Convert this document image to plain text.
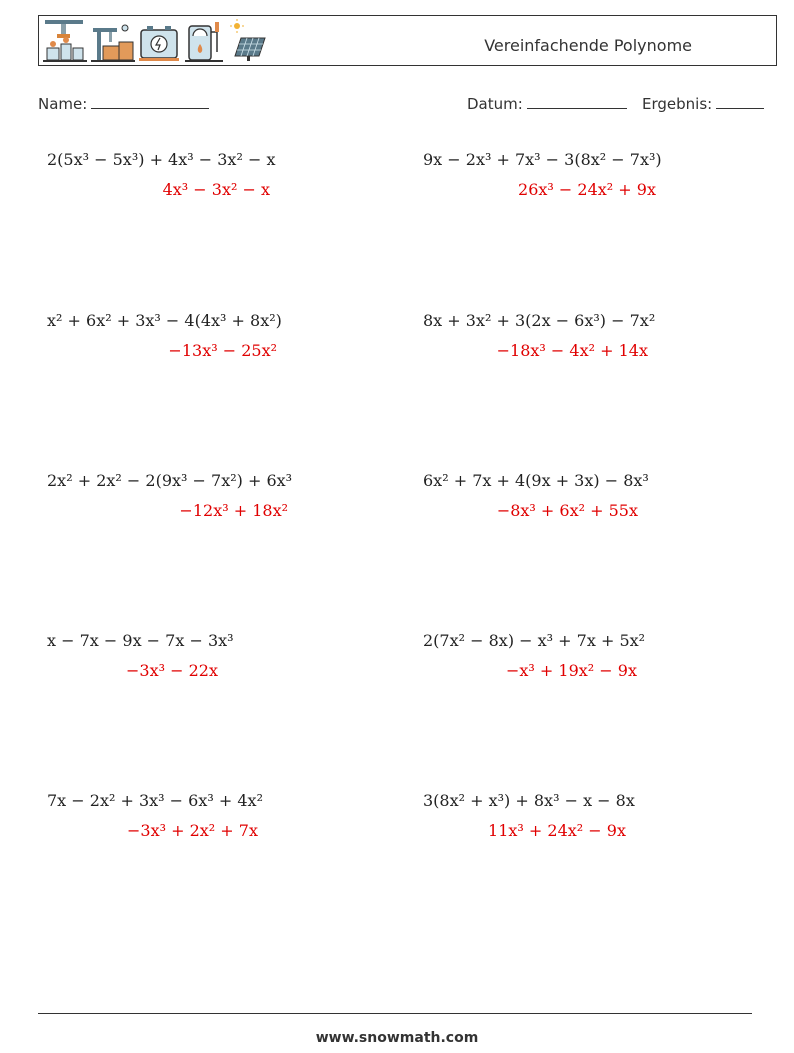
Vereinfachende Polynome
Name:	Datum:	Ergebnis:
2(5x³ − 5x³) + 4x³ − 3x² − x
4x³ − 3x² − x
x² + 6x² + 3x³ − 4(4x³ + 8x²)
−13x³ − 25x²
2x² + 2x² − 2(9x³ − 7x²) + 6x³
−12x³ + 18x²
x − 7x − 9x − 7x − 3x³
−3x³ − 22x
7x − 2x² + 3x³ − 6x³ + 4x²
−3x³ + 2x² + 7x
9x − 2x³ + 7x³ − 3(8x² − 7x³)
26x³ − 24x² + 9x
8x + 3x² + 3(2x − 6x³) − 7x²
−18x³ − 4x² + 14x
6x² + 7x + 4(9x + 3x) − 8x³
−8x³ + 6x² + 55x
2(7x² − 8x) − x³ + 7x + 5x²
−x³ + 19x² − 9x
3(8x² + x³) + 8x³ − x − 8x
11x³ + 24x² − 9x
www.snowmath.com
